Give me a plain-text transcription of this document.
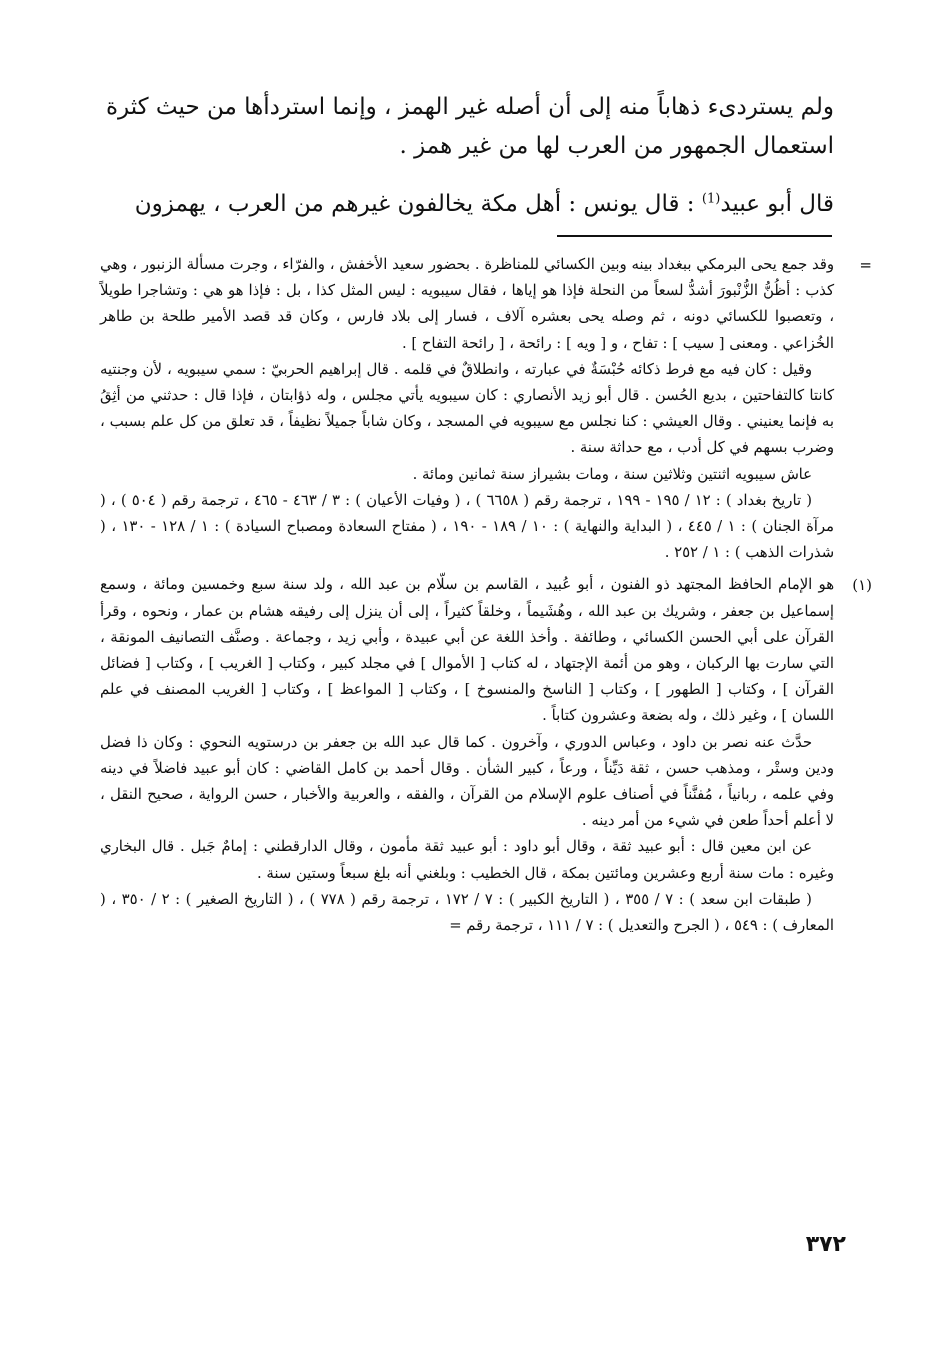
ولم يستردىء ذهاباً منه إلى أن أصله غير الهمز ، وإنما استردأها من حيث كثرة

استعمال الجمهور من العرب لها من غير همز .

قال أبو عبيد$^{(1)}$ : قال يونس : أهل مكة يخالفون غيرهم من العرب ، يهمزون

=

وقد جمع يحى البرمكي ببغداد بينه وبين الكسائي للمناظرة . بحضور سعيد الأخفش ، والفرّاء ، وجرت مسألة الزنبور ، وهي كذب : أظُنُّ الزُّنْبورَ أشدُّ لسعاً من النحلة فإذا هو إياها ، فقال سيبويه : ليس المثل كذا ، بل : فإذا هو هي : وتشاجرا طويلاً ، وتعصبوا للكسائي دونه ، ثم وصله يحى بعشره آلاف ، فسار إلى بلاد فارس ، وكان قد قصد الأمير طلحة بن طاهر الخُزاعي . ومعنى [ سيب ] : تفاح ، و [ ويه ] : رائحة ، [ رائحة التفاح ] .

وقيل : كان فيه مع فرط ذكائه حُبْسَةٌ في عبارته ، وانطلاقٌ في قلمه . قال إبراهيم الحربيّ : سمي سيبويه ، لأن وجنتيه كانتا كالتفاحتين ، بديع الحُسن . قال أبو زيد الأنصاري : كان سيبويه يأتي مجلس ، وله ذؤابتان ، فإذا قال : حدثني من أثِقُ به فإنما يعنيني . وقال العيشي : كنا نجلس مع سيبويه في المسجد ، وكان شاباً جميلاً نظيفاً ، قد تعلق من كل علم بسبب ، وضرب بسهم في كل أدب ، مع حداثة سنة .

عاش سيبويه اثنتين وثلاثين سنة ، ومات بشيراز سنة ثمانين ومائة .

( تاريخ بغداد ) : ١٢ / ١٩٥ - ١٩٩ ، ترجمة رقم ( ٦٦٥٨ ) ، ( وفيات الأعيان ) : ٣ / ٤٦٣ - ٤٦٥ ، ترجمة رقم ( ٥٠٤ ) ، ( مرآة الجنان ) : ١ / ٤٤٥ ، ( البداية والنهاية ) : ١٠ / ١٨٩ - ١٩٠ ، ( مفتاح السعادة ومصباح السيادة ) : ١ / ١٢٨ - ١٣٠ ، ( شذرات الذهب ) : ١ / ٢٥٢ .

(١)

هو الإمام الحافظ المجتهد ذو الفنون ، أبو عُبيد ، القاسم بن سلّام بن عبد الله ، ولد سنة سبع وخمسين ومائة ، وسمع إسماعيل بن جعفر ، وشريك بن عبد الله ، وهُشَيماً ، وخلقاً كثيراً ، إلى أن ينزل إلى رفيقه هشام بن عمار ، ونحوه ، وقرأ القرآن على أبي الحسن الكسائي ، وطائفة . وأخذ اللغة عن أبي عبيدة ، وأبي زيد ، وجماعة . وصنَّف التصانيف المونقة ، التي سارت بها الركبان ، وهو من أئمة الإجتهاد ، له كتاب [ الأموال ] في مجلد كبير ، وكتاب [ الغريب ] ، وكتاب [ فضائل القرآن ] ، وكتاب [ الطهور ] ، وكتاب [ الناسخ والمنسوخ ] ، وكتاب [ المواعظ ] ، وكتاب [ الغريب المصنف في علم اللسان ] ، وغير ذلك ، وله بضعة وعشرون كتاباً .

حدَّث عنه نصر بن داود ، وعباس الدوري ، وآخرون . كما قال عبد الله بن جعفر بن درستويه النحوي : وكان ذا فضل ودين وستْر ، ومذهب حسن ، ثقة دَيِّناً ، ورعاً ، كبير الشأن . وقال أحمد بن كامل القاضي : كان أبو عبيد فاضلاً في دينه وفي علمه ، ربانياً ، مُفنَّناً في أصناف علوم الإسلام من القرآن ، والفقه ، والعربية والأخبار ، حسن الرواية ، صحيح النقل ، لا أعلم أحداً طعن في شيء من أمر دينه .

عن ابن معين قال : أبو عبيد ثقة ، وقال أبو داود : أبو عبيد ثقة مأمون ، وقال الدارقطني : إمامٌ جَبل . قال البخاري وغيره : مات سنة أربع وعشرين ومائتين بمكة ، قال الخطيب : وبلغني أنه بلغ سبعاً وستين سنة .

( طبقات ابن سعد ) : ٧ / ٣٥٥ ، ( التاريخ الكبير ) : ٧ / ١٧٢ ، ترجمة رقم ( ٧٧٨ ) ، ( التاريخ الصغير ) : ٢ / ٣٥٠ ، ( المعارف ) : ٥٤٩ ، ( الجرح والتعديل ) : ٧ / ١١١ ، ترجمة رقم =

٣٧٢
